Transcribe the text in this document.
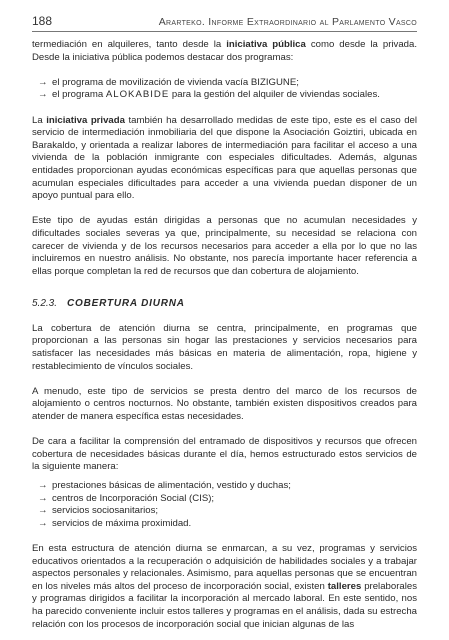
188	Ararteko. Informe Extraordinario al Parlamento Vasco

termediación en alquileres, tanto desde la iniciativa pública como desde la privada. Desde la iniciativa pública podemos destacar dos programas:

→ el programa de movilización de vivienda vacía BIZIGUNE;
→ el programa ALOKABIDE para la gestión del alquiler de viviendas sociales.

La iniciativa privada también ha desarrollado medidas de este tipo, este es el caso del servicio de intermediación inmobiliaria del que dispone la Asociación Goiztiri, ubicada en Barakaldo, y orientada a realizar labores de intermediación para facilitar el acceso a una vivienda de la población inmigrante con especiales dificultades. Además, algunas entidades proporcionan ayudas económicas específicas para que aquellas personas que acumulan especiales dificultades para acceder a una vivienda puedan disponer de un apoyo puntual para ello.

Este tipo de ayudas están dirigidas a personas que no acumulan necesidades y dificultades sociales severas ya que, principalmente, su necesidad se relaciona con carecer de vivienda y de los recursos necesarios para acceder a ella por lo que no las incluiremos en nuestro análisis. No obstante, nos parecía importante hacer referencia a ellas porque completan la red de recursos que dan cobertura de alojamiento.

5.2.3. COBERTURA DIURNA

La cobertura de atención diurna se centra, principalmente, en programas que proporcionan a las personas sin hogar las prestaciones y servicios necesarios para satisfacer las necesidades más básicas en materia de alimentación, ropa, higiene y restablecimiento de vínculos sociales.

A menudo, este tipo de servicios se presta dentro del marco de los recursos de alojamiento o centros nocturnos. No obstante, también existen dispositivos creados para atender de manera específica estas necesidades.

De cara a facilitar la comprensión del entramado de dispositivos y recursos que ofrecen cobertura de necesidades básicas durante el día, hemos estructurado estos servicios de la siguiente manera:

→ prestaciones básicas de alimentación, vestido y duchas;
→ centros de Incorporación Social (CIS);
→ servicios sociosanitarios;
→ servicios de máxima proximidad.

En esta estructura de atención diurna se enmarcan, a su vez, programas y servicios educativos orientados a la recuperación o adquisición de habilidades sociales y a trabajar aspectos personales y relacionales. Asimismo, para aquellas personas que se encuentran en los niveles más altos del proceso de incorporación social, existen talleres prelaborales y programas dirigidos a facilitar la incorporación al mercado laboral. En este sentido, nos ha parecido conveniente incluir estos talleres y programas en el análisis, dada su estrecha relación con los procesos de incorporación social que inician algunas de las
